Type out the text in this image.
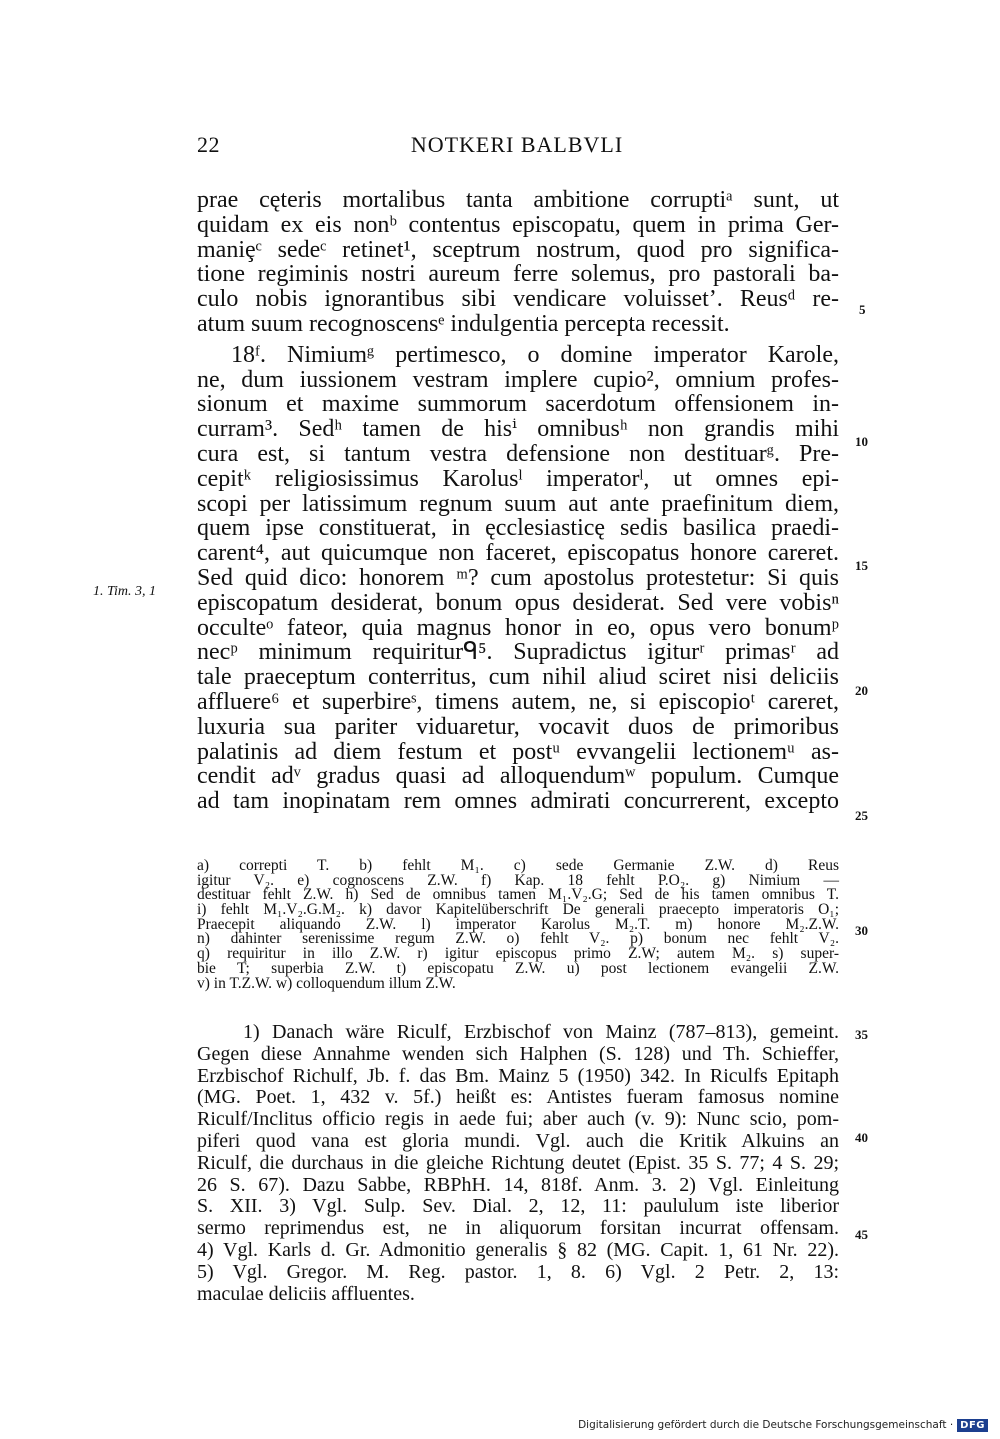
22	NOTKERI BALBVLI
prae cęteris mortalibus tanta ambitione corruptiᵃ sunt, ut
quidam ex eis nonᵇ contentus episcopatu, quem in prima Ger-
maniȩᶜ sedeᶜ retinet¹, sceptrum nostrum, quod pro significa-
tione regiminis nostri aureum ferre solemus, pro pastorali ba-
culo nobis ignorantibus sibi vendicare voluisset’. Reusᵈ re-
atum suum recognoscensᵉ indulgentia percepta recessit.
18ᶠ. Nimiumᵍ pertimesco, o domine imperator Karole,
ne, dum iussionem vestram implere cupio², omnium profes-
sionum et maxime summorum sacerdotum offensionem in-
curram³. Sedʰ tamen de hisⁱ omnibusʰ non grandis mihi
cura est, si tantum vestra defensione non destituarᵍ. Pre-
cepitᵏ religiosissimus Karolusˡ imperatorˡ, ut omnes epi-
scopi per latissimum regnum suum aut ante praefinitum diem,
quem ipse constituerat, in ęcclesiasticę sedis basilica praedi-
carent⁴, aut quicumque non faceret, episcopatus honore careret.
Sed quid dico: honorem ᵐ? cum apostolus protestetur: Si quis
episcopatum desiderat, bonum opus desiderat. Sed vere vobisⁿ
occulteᵒ fateor, quia magnus honor in eo, opus vero bonumᵖ
necᵖ minimum requiriturᑫ⁵. Supradictus igiturʳ primasʳ ad
tale praeceptum conterritus, cum nihil aliud sciret nisi deliciis
affluere⁶ et superbireˢ, timens autem, ne, si episcopioᵗ careret,
luxuria sua pariter viduaretur, vocavit duos de primoribus
palatinis ad diem festum et postᵘ evvangelii lectionemᵘ as-
cendit adᵛ gradus quasi ad alloquendumʷ populum. Cumque
ad tam inopinatam rem omnes admirati concurrerent, excepto
1. Tim. 3, 1
5
10
15
20
25
30
35
40
45
a) correpti T. b) fehlt M₁. c) sede Germanie Z.W. d) Reus
igitur V₂. e) cognoscens Z.W. f) Kap. 18 fehlt P.O₂. g) Nimium —
destituar fehlt Z.W. h) Sed de omnibus tamen M₁.V₂.G; Sed de his tamen omnibus T.
i) fehlt M₁.V₂.G.M₂. k) davor Kapitelüberschrift De generali praecepto imperatoris O₁;
Praecepit aliquando Z.W. l) imperator Karolus M₂.T. m) honore M₂.Z.W.
n) dahinter serenissime regum Z.W. o) fehlt V₂. p) bonum nec fehlt V₂.
q) requiritur in illo Z.W. r) igitur episcopus primo Z.W; autem M₂. s) super-
bie T; superbia Z.W. t) episcopatu Z.W. u) post lectionem evangelii Z.W.
v) in T.Z.W. w) colloquendum illum Z.W.
1) Danach wäre Riculf, Erzbischof von Mainz (787–813), gemeint.
Gegen diese Annahme wenden sich Halphen (S. 128) und Th. Schieffer,
Erzbischof Richulf, Jb. f. das Bm. Mainz 5 (1950) 342. In Riculfs Epitaph
(MG. Poet. 1, 432 v. 5f.) heißt es: Antistes fueram famosus nomine
Riculf/Inclitus officio regis in aede fui; aber auch (v. 9): Nunc scio, pom-
piferi quod vana est gloria mundi. Vgl. auch die Kritik Alkuins an
Riculf, die durchaus in die gleiche Richtung deutet (Epist. 35 S. 77; 4 S. 29;
26 S. 67). Dazu Sabbe, RBPhH. 14, 818f. Anm. 3. 2) Vgl. Einleitung
S. XII. 3) Vgl. Sulp. Sev. Dial. 2, 12, 11: paululum iste liberior
sermo reprimendus est, ne in aliquorum forsitan incurrat offensam.
4) Vgl. Karls d. Gr. Admonitio generalis § 82 (MG. Capit. 1, 61 Nr. 22).
5) Vgl. Gregor. M. Reg. pastor. 1, 8. 6) Vgl. 2 Petr. 2, 13:
maculae deliciis affluentes.
Digitalisierung gefördert durch die Deutsche Forschungsgemeinschaft · DFG
